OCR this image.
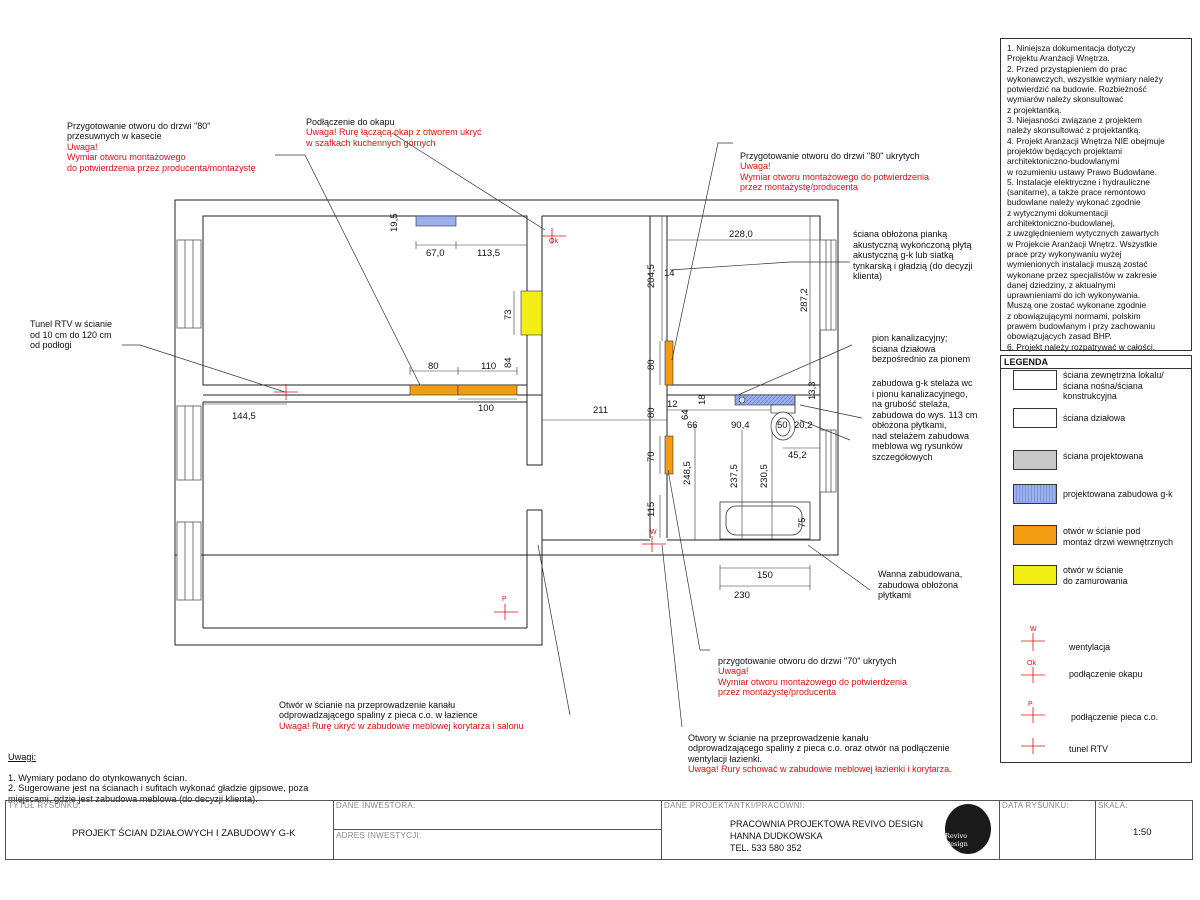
Ok
P
W
19,5
67,0	113,5
73
84
80	110
100
144,5
211
228,0
204,5 14
287,2
80
80
70
115
12
64
18	13,3
66	90,4	50 20,2
45,2
248,5	237,5 230,5
75
150
230

Przygotowanie otworu do drzwi "80"
przesuwnych w kasecie

Uwaga!
Wymiar otworu montażowego
do potwierdzenia przez producenta/montażystę

Podłączenie do okapu

Uwaga! Rurę łączącą okap z otworem ukryć
w szafkach kuchennych górnych

Przygotowanie otworu do drzwi "80" ukrytych

Uwaga!
Wymiar otworu montażowego do potwierdzenia
przez montażystę/producenta

ściana obłożona pianką
akustyczną wykończoną płytą
akustyczną g-k lub siatką
tynkarską i gładzią (do decyzji
klienta)
Tunel RTV w ścianie
od 10 cm do 120 cm
od podłogi
pion kanalizacyjny;
ściana działowa
bezpośrednio za pionem
zabudowa g-k stelaża wc
i pionu kanalizacyjnego,
na grubość stelaża,
zabudowa do wys. 113 cm
obłożona płytkami,
nad stelażem zabudowa
meblowa wg rysunków
szczegółowych
Wanna zabudowana,
zabudowa obłożona
płytkami

przygotowanie otworu do drzwi "70" ukrytych

Uwaga!
Wymiar otworu montażowego do potwierdzenia
przez montażystę/producenta

Otwór w ścianie na przeprowadzenie kanału
odprowadzającego spaliny z pieca c.o. w łazience

Uwaga! Rurę ukryć w zabudowie meblowej korytarza i salonu

Otwory w ścianie na przeprowadzenie kanału
odprowadzającego spaliny z pieca c.o. oraz otwór na podłączenie
wentylacji łazienki.

Uwaga! Rury schować w zabudowie meblowej łazienki i korytarza.

Uwagi:

1. Wymiary podano do otynkowanych ścian.
2. Sugerowane jest na ścianach i sufitach wykonać gładzie gipsowe, poza
miejscami, gdzie jest zabudowa meblowa (do decyzji klienta).

1. Niniejsza dokumentacja dotyczy
Projektu Aranżacji Wnętrza.
2. Przed przystąpieniem do prac
wykonawczych, wszystkie wymiary należy
potwierdzić na budowie. Rozbieżność
wymiarów należy skonsultować
z projektantką.
3. Niejasności związane z projektem
należy skonsultować z projektantką.
4. Projekt Aranżacji Wnętrza NIE obejmuje
projektów będących projektami
architektoniczno-budowlanymi
w rozumieniu ustawy Prawo Budowlane.
5. Instalacje elektryczne i hydrauliczne
(sanitarne), a także prace remontowo
budowlane należy wykonać zgodnie
z wytycznymi dokumentacji
architektoniczno-budowlanej,
z uwzględnieniem wytycznych zawartych
w Projekcie Aranżacji Wnętrz. Wszystkie
prace przy wykonywaniu wyżej
wymienionych instalacji muszą zostać
wykonane przez specjalistów w zakresie
danej dziedziny, z aktualnymi
uprawnieniami do ich wykonywania.
Muszą one zostać wykonane zgodnie
z obowiązującymi normami, polskim
prawem budowlanym i przy zachowaniu
obowiązujących zasad BHP.
6. Projekt należy rozpatrywać w całości.
LEGENDA
ściana zewnętrzna lokalu/
ściana nośna/ściana
konstrukcyjna
ściana działowa
ściana projektowana
projektowana zabudowa g-k
otwór w ścianie pod
montaż drzwi wewnętrznych
otwór w ścianie
do zamurowania
W
wentylacja
Ok
podłączenie okapu
P
podłączenie pieca c.o.
tunel RTV
TYTUŁ RYSUNKU:
PROJEKT ŚCIAN DZIAŁOWYCH I ZABUDOWY G-K
DANE INWESTORA:
ADRES INWESTYCJI:
DANE PROJEKTANTKI/PRACOWNI:
PRACOWNIA PROJEKTOWA REVIVO DESIGN
HANNA DUDKOWSKA
TEL. 533 580 352
Revivo Design
DATA RYSUNKU:	SKALA:
1:50
